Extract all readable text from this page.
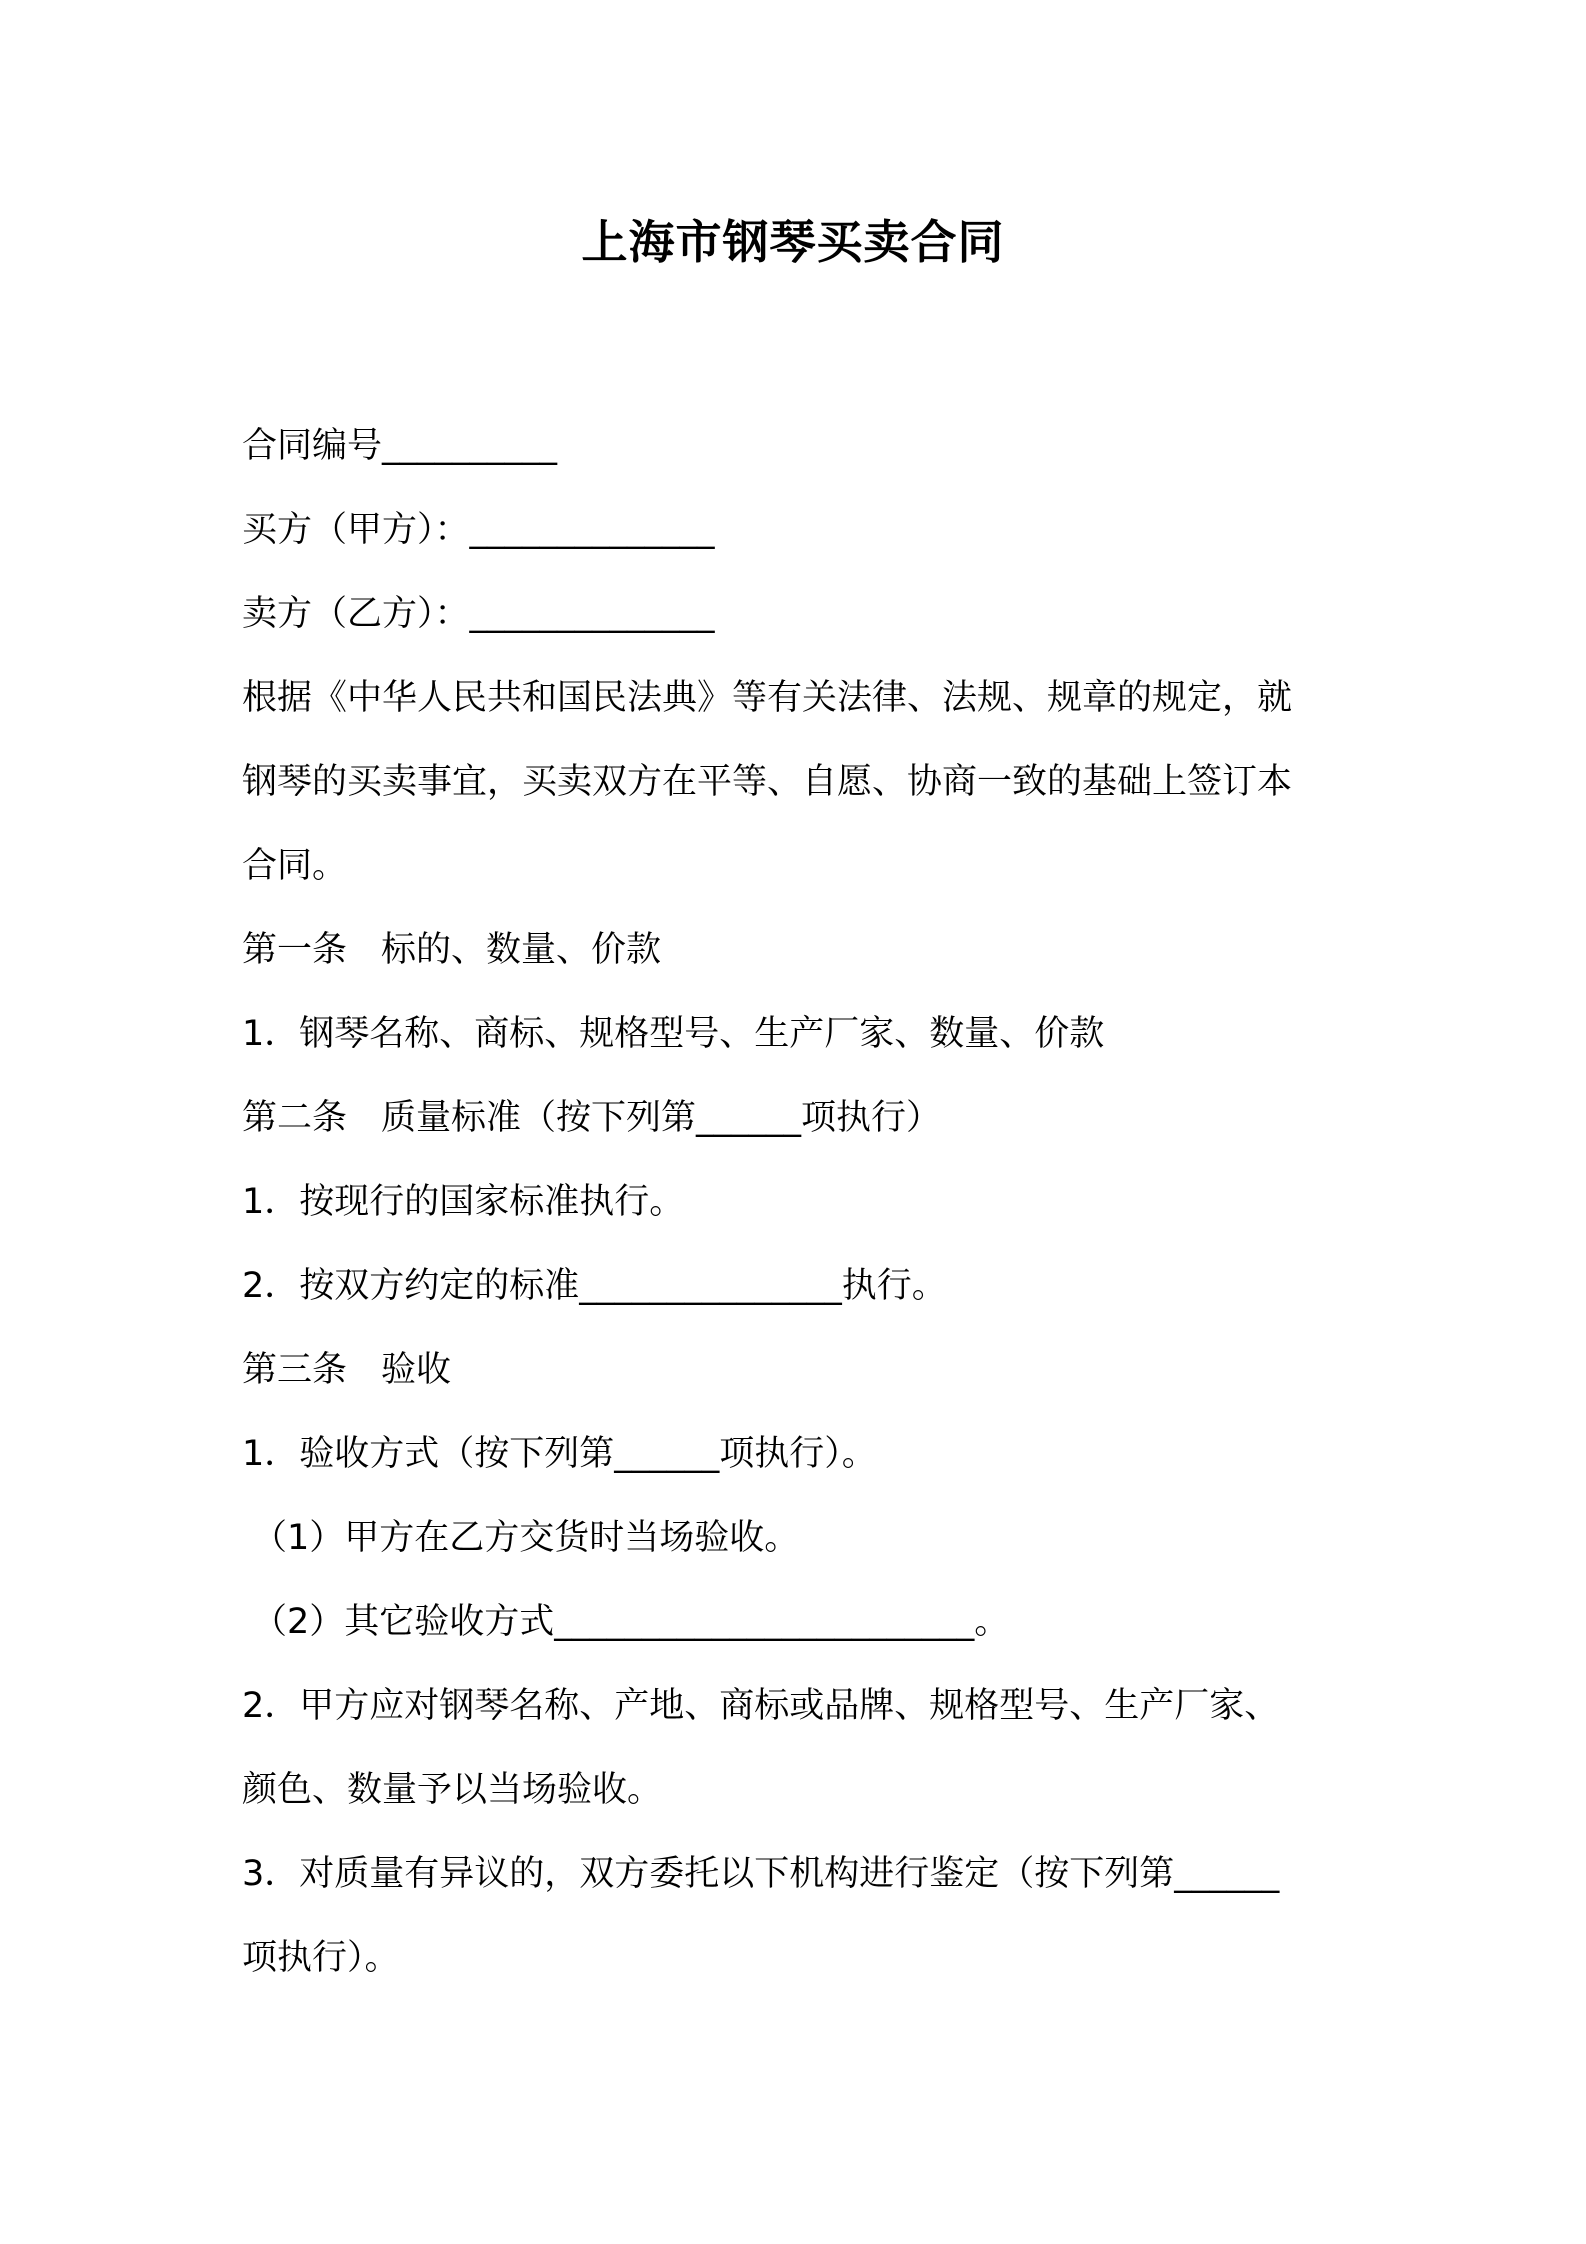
上海市钢琴买卖合同
合同编号__________
买方（甲方）：______________
卖方（乙方）：______________
根据《中华人民共和国民法典》等有关法律、法规、规章的规定，就
钢琴的买卖事宜，买卖双方在平等、自愿、协商一致的基础上签订本
合同。
第一条 标的、数量、价款
1．钢琴名称、商标、规格型号、生产厂家、数量、价款
第二条 质量标准（按下列第______项执行）
1．按现行的国家标准执行。
2．按双方约定的标准_______________执行。
第三条 验收
1．验收方式（按下列第______项执行）。
（1）甲方在乙方交货时当场验收。
（2）其它验收方式________________________。
2．甲方应对钢琴名称、产地、商标或品牌、规格型号、生产厂家、
颜色、数量予以当场验收。
3．对质量有异议的，双方委托以下机构进行鉴定（按下列第______
项执行）。
